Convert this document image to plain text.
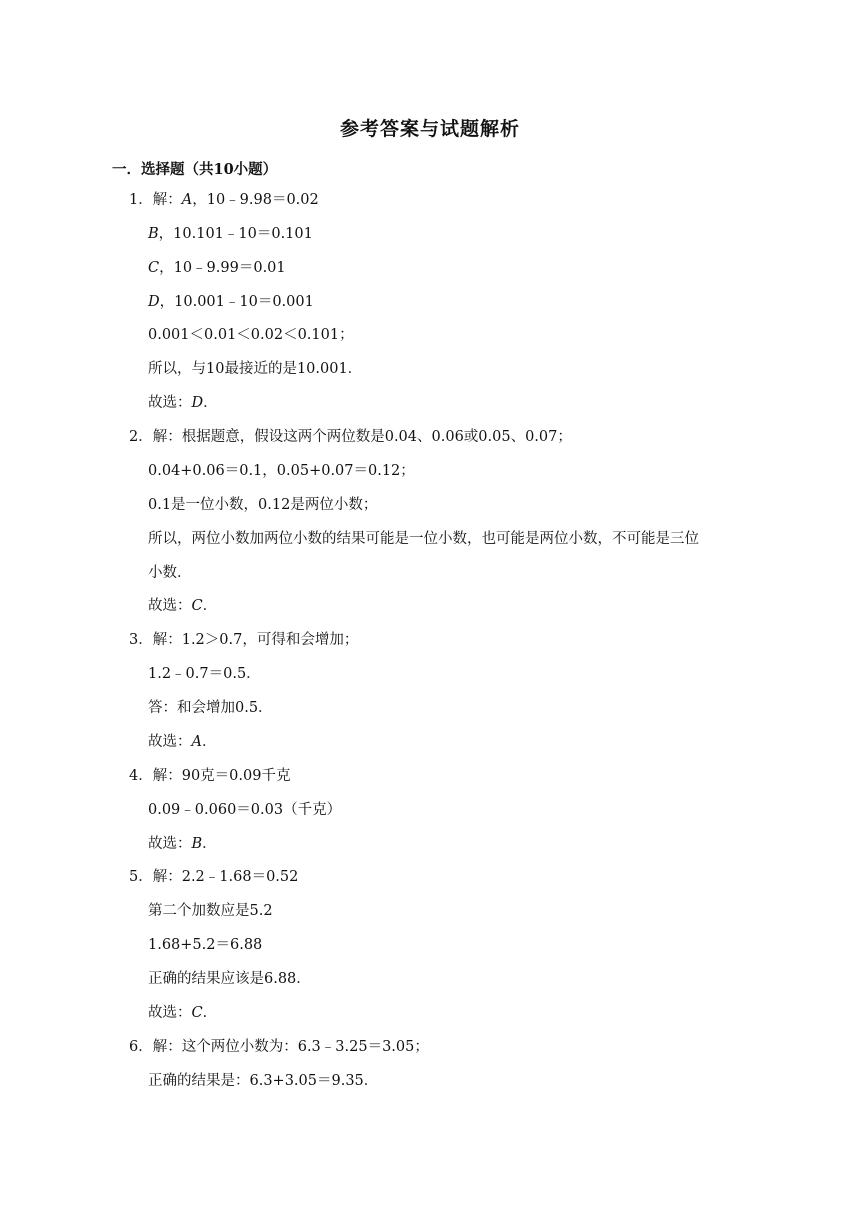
参考答案与试题解析
一．选择题（共10小题）
1．解：A，10﹣9.98＝0.02
B，10.101﹣10＝0.101
C，10﹣9.99＝0.01
D，10.001﹣10＝0.001
0.001＜0.01＜0.02＜0.101；
所以，与10最接近的是10.001．
故选：D．
2．解：根据题意，假设这两个两位数是0.04、0.06或0.05、0.07；
0.04+0.06＝0.1，0.05+0.07＝0.12；
0.1是一位小数，0.12是两位小数；
所以，两位小数加两位小数的结果可能是一位小数，也可能是两位小数，不可能是三位
小数．
故选：C．
3．解：1.2＞0.7，可得和会增加；
1.2﹣0.7＝0.5．
答：和会增加0.5．
故选：A．
4．解：90克＝0.09千克
0.09﹣0.060＝0.03（千克）
故选：B．
5．解：2.2﹣1.68＝0.52
第二个加数应是5.2
1.68+5.2＝6.88
正确的结果应该是6.88．
故选：C．
6．解：这个两位小数为：6.3﹣3.25＝3.05；
正确的结果是：6.3+3.05＝9.35．
